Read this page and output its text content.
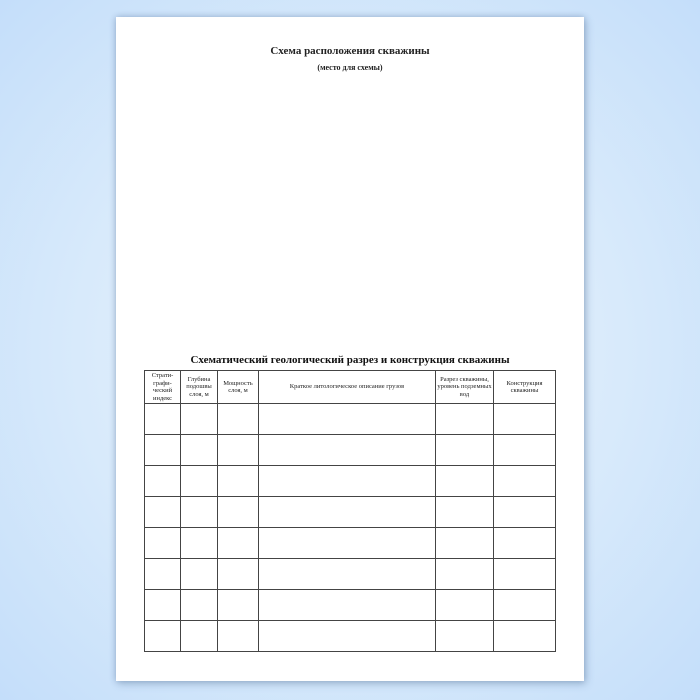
Схема расположения скважины
(место для схемы)
Схематический геологический разрез и конструкция скважины
Страти-графи-ческий индекс	Глубина подошвы слоя, м	Мощность слоя, м	Краткое литологическое описание грузов	Разрез скважины, уровень подземных вод	Конструкция скважины
